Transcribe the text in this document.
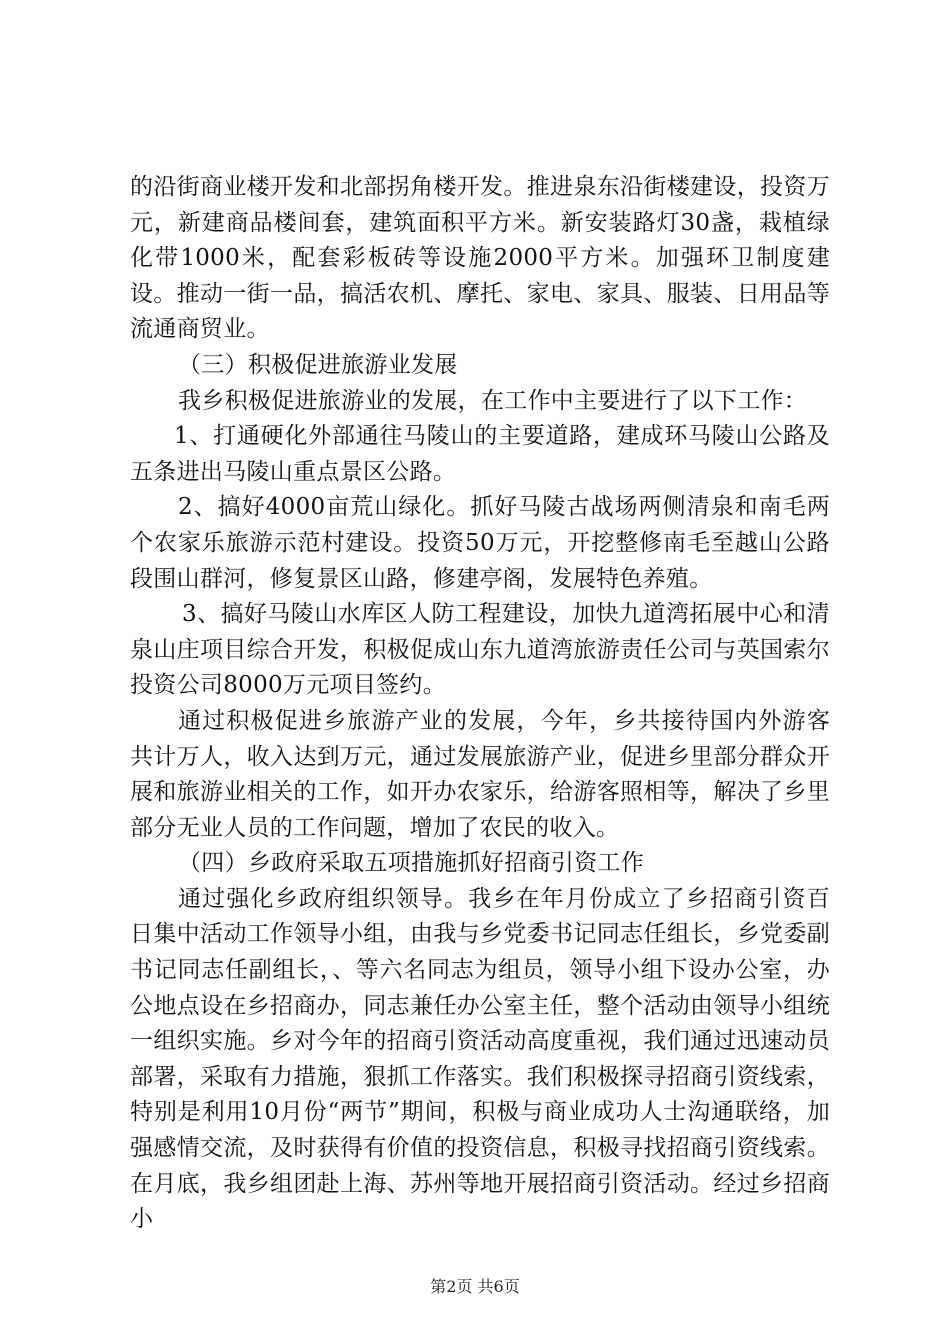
的沿街商业楼开发和北部拐角楼开发。推进泉东沿街楼建设，投资万元，新建商品楼间套，建筑面积平方米。新安装路灯30盏，栽植绿化带1000米，配套彩板砖等设施2000平方米。加强环卫制度建设。推动一街一品，搞活农机、摩托、家电、家具、服装、日用品等流通商贸业。

（三）积极促进旅游业发展

我乡积极促进旅游业的发展，在工作中主要进行了以下工作：

1、打通硬化外部通往马陵山的主要道路，建成环马陵山公路及五条进出马陵山重点景区公路。

2、搞好4000亩荒山绿化。抓好马陵古战场两侧清泉和南毛两个农家乐旅游示范村建设。投资50万元，开挖整修南毛至越山公路段围山群河，修复景区山路，修建亭阁，发展特色养殖。

3、搞好马陵山水库区人防工程建设，加快九道湾拓展中心和清泉山庄项目综合开发，积极促成山东九道湾旅游责任公司与英国索尔投资公司8000万元项目签约。

通过积极促进乡旅游产业的发展，今年，乡共接待国内外游客共计万人，收入达到万元，通过发展旅游产业，促进乡里部分群众开展和旅游业相关的工作，如开办农家乐，给游客照相等，解决了乡里部分无业人员的工作问题，增加了农民的收入。

（四）乡政府采取五项措施抓好招商引资工作

通过强化乡政府组织领导。我乡在年月份成立了乡招商引资百日集中活动工作领导小组，由我与乡党委书记同志任组长，乡党委副书记同志任副组长，、等六名同志为组员，领导小组下设办公室，办公地点设在乡招商办，同志兼任办公室主任，整个活动由领导小组统一组织实施。乡对今年的招商引资活动高度重视，我们通过迅速动员部署，采取有力措施，狠抓工作落实。我们积极探寻招商引资线索，特别是利用10月份“两节”期间，积极与商业成功人士沟通联络，加强感情交流，及时获得有价值的投资信息，积极寻找招商引资线索。在月底，我乡组团赴上海、苏州等地开展招商引资活动。经过乡招商小

第2页 共6页
